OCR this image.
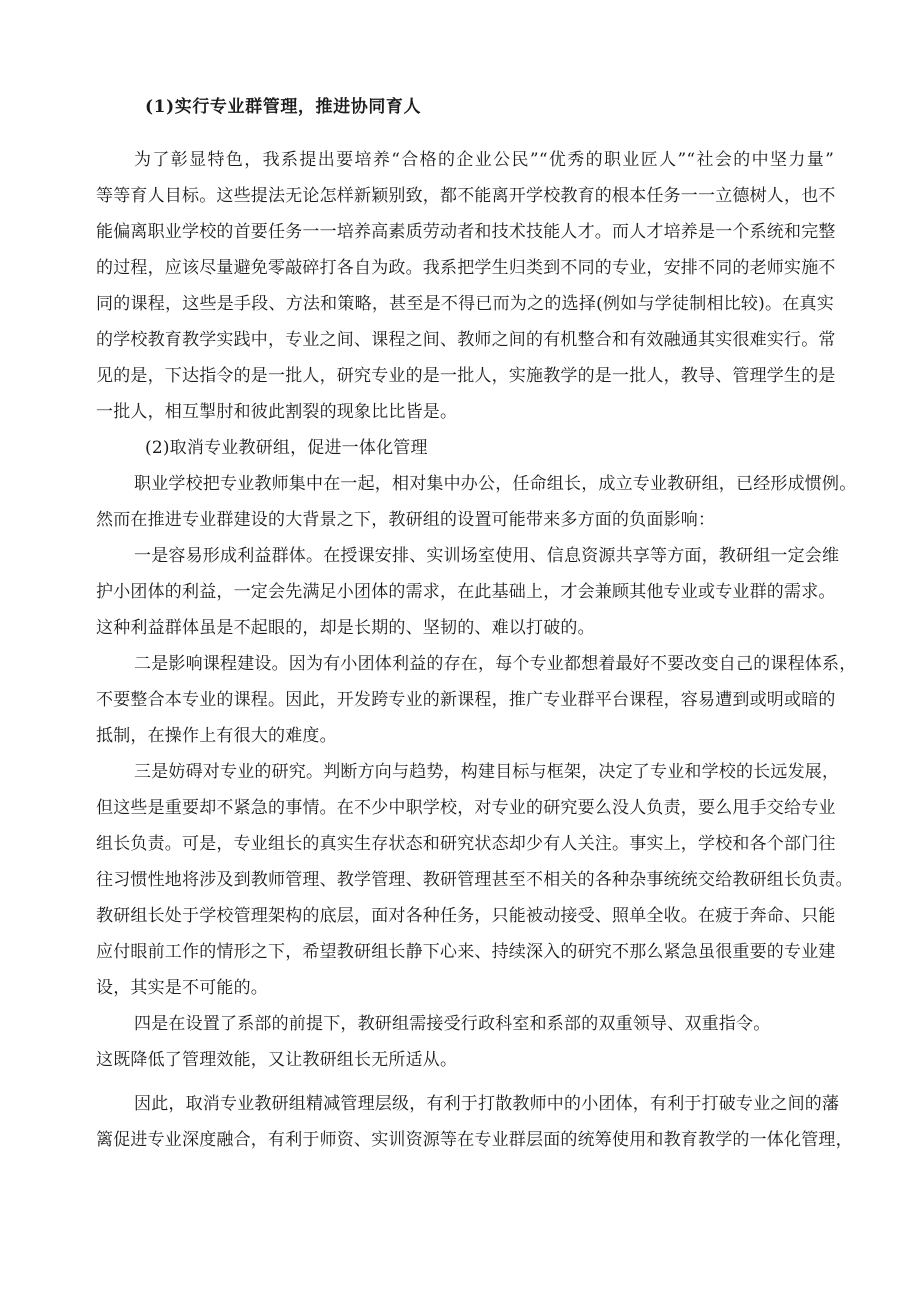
(1)实行专业群管理，推进协同育人
为了彰显特色，我系提出要培养“合格的企业公民”“优秀的职业匠人”“社会的中坚力量”
等等育人目标。这些提法无论怎样新颖别致，都不能离开学校教育的根本任务一一立德树人，也不
能偏离职业学校的首要任务一一培养高素质劳动者和技术技能人才。而人才培养是一个系统和完整
的过程，应该尽量避免零敲碎打各自为政。我系把学生归类到不同的专业，安排不同的老师实施不
同的课程，这些是手段、方法和策略，甚至是不得已而为之的选择(例如与学徒制相比较)。在真实
的学校教育教学实践中，专业之间、课程之间、教师之间的有机整合和有效融通其实很难实行。常
见的是，下达指令的是一批人，研究专业的是一批人，实施教学的是一批人，教导、管理学生的是
一批人，相互掣肘和彼此割裂的现象比比皆是。
(2)取消专业教研组，促进一体化管理
职业学校把专业教师集中在一起，相对集中办公，任命组长，成立专业教研组，已经形成惯例。
然而在推进专业群建设的大背景之下，教研组的设置可能带来多方面的负面影响：
一是容易形成利益群体。在授课安排、实训场室使用、信息资源共享等方面，教研组一定会维
护小团体的利益，一定会先满足小团体的需求，在此基础上，才会兼顾其他专业或专业群的需求。
这种利益群体虽是不起眼的，却是长期的、坚韧的、难以打破的。
二是影响课程建设。因为有小团体利益的存在，每个专业都想着最好不要改变自己的课程体系，
不要整合本专业的课程。因此，开发跨专业的新课程，推广专业群平台课程，容易遭到或明或暗的
抵制，在操作上有很大的难度。
三是妨碍对专业的研究。判断方向与趋势，构建目标与框架，决定了专业和学校的长远发展，
但这些是重要却不紧急的事情。在不少中职学校，对专业的研究要么没人负责，要么甩手交给专业
组长负责。可是，专业组长的真实生存状态和研究状态却少有人关注。事实上，学校和各个部门往
往习惯性地将涉及到教师管理、教学管理、教研管理甚至不相关的各种杂事统统交给教研组长负责。
教研组长处于学校管理架构的底层，面对各种任务，只能被动接受、照单全收。在疲于奔命、只能
应付眼前工作的情形之下，希望教研组长静下心来、持续深入的研究不那么紧急虽很重要的专业建
设，其实是不可能的。
四是在设置了系部的前提下，教研组需接受行政科室和系部的双重领导、双重指令。
这既降低了管理效能，又让教研组长无所适从。
因此，取消专业教研组精减管理层级，有利于打散教师中的小团体，有利于打破专业之间的藩
篱促进专业深度融合，有利于师资、实训资源等在专业群层面的统筹使用和教育教学的一体化管理，
